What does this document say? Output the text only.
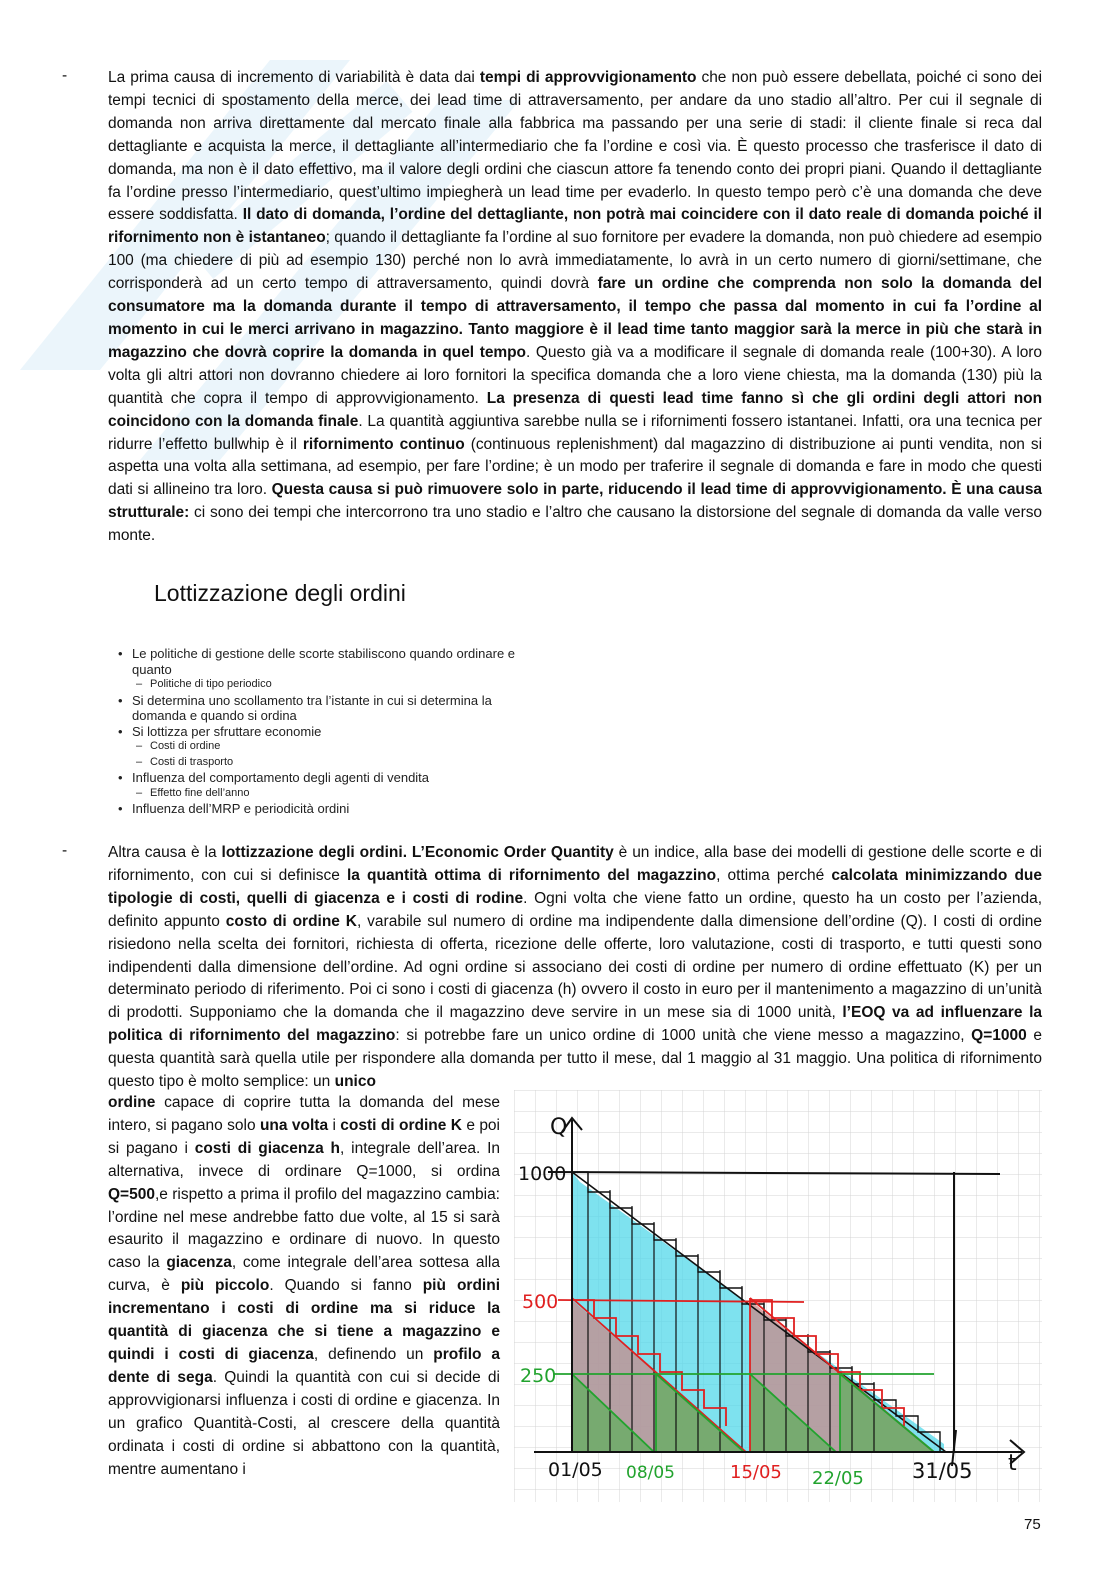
-	La prima causa di incremento di variabilità è data dai tempi di approvvigionamento che non può essere debellata, poiché ci sono dei tempi tecnici di spostamento della merce, dei lead time di attraversamento, per andare da uno stadio all’altro. Per cui il segnale di domanda non arriva direttamente dal mercato finale alla fabbrica ma passando per una serie di stadi: il cliente finale si reca dal dettagliante e acquista la merce, il dettagliante all’intermediario che fa l’ordine e così via. È questo processo che trasferisce il dato di domanda, ma non è il dato effettivo, ma il valore degli ordini che ciascun attore fa tenendo conto dei propri piani. Quando il dettagliante fa l’ordine presso l’intermediario, quest’ultimo impiegherà un lead time per evaderlo. In questo tempo però c’è una domanda che deve essere soddisfatta. Il dato di domanda, l’ordine del dettagliante, non potrà mai coincidere con il dato reale di domanda poiché il rifornimento non è istantaneo; quando il dettagliante fa l’ordine al suo fornitore per evadere la domanda, non può chiedere ad esempio 100 (ma chiedere di più ad esempio 130) perché non lo avrà immediatamente, lo avrà in un certo numero di giorni/settimane, che corrisponderà ad un certo tempo di attraversamento, quindi dovrà fare un ordine che comprenda non solo la domanda del consumatore ma la domanda durante il tempo di attraversamento, il tempo che passa dal momento in cui fa l’ordine al momento in cui le merci arrivano in magazzino. Tanto maggiore è il lead time tanto maggior sarà la merce in più che starà in magazzino che dovrà coprire la domanda in quel tempo. Questo già va a modificare il segnale di domanda reale (100+30). A loro volta gli altri attori non dovranno chiedere ai loro fornitori la specifica domanda che a loro viene chiesta, ma la domanda (130) più la quantità che copra il tempo di approvvigionamento. La presenza di questi lead time fanno sì che gli ordini degli attori non coincidono con la domanda finale. La quantità aggiuntiva sarebbe nulla se i rifornimenti fossero istantanei. Infatti, ora una tecnica per ridurre l’effetto bullwhip è il rifornimento continuo (continuous replenishment) dal magazzino di distribuzione ai punti vendita, non si aspetta una volta alla settimana, ad esempio, per fare l’ordine; è un modo per traferire il segnale di domanda e fare in modo che questi dati si allineino tra loro. Questa causa si può rimuovere solo in parte, riducendo il lead time di approvvigionamento. È una causa strutturale: ci sono dei tempi che intercorrono tra uno stadio e l’altro che causano la distorsione del segnale di domanda da valle verso monte.

Lottizzazione degli ordini
• Le politiche di gestione delle scorte stabiliscono quando ordinare e quanto
– Politiche di tipo periodico
• Si determina uno scollamento tra l’istante in cui si determina la domanda e quando si ordina
• Si lottizza per sfruttare economie
– Costi di ordine
– Costi di trasporto
• Influenza del comportamento degli agenti di vendita
– Effetto fine dell’anno
• Influenza dell’MRP e periodicità ordini
-	Altra causa è la lottizzazione degli ordini. L’Economic Order Quantity è un indice, alla base dei modelli di gestione delle scorte e di rifornimento, con cui si definisce la quantità ottima di rifornimento del magazzino, ottima perché calcolata minimizzando due tipologie di costi, quelli di giacenza e i costi di rodine. Ogni volta che viene fatto un ordine, questo ha un costo per l’azienda, definito appunto costo di ordine K, varabile sul numero di ordine ma indipendente dalla dimensione dell’ordine (Q). I costi di ordine risiedono nella scelta dei fornitori, richiesta di offerta, ricezione delle offerte, loro valutazione, costi di trasporto, e tutti questi sono indipendenti dalla dimensione dell’ordine. Ad ogni ordine si associano dei costi di ordine per numero di ordine effettuato (K) per un determinato periodo di riferimento. Poi ci sono i costi di giacenza (h) ovvero il costo in euro per il mantenimento a magazzino di un’unità di prodotti. Supponiamo che la domanda che il magazzino deve servire in un mese sia di 1000 unità, l’EOQ va ad influenzare la politica di rifornimento del magazzino: si potrebbe fare un unico ordine di 1000 unità che viene messo a magazzino, Q=1000 e questa quantità sarà quella utile per rispondere alla domanda per tutto il mese, dal 1 maggio al 31 maggio. Una politica di rifornimento questo tipo è molto semplice: un unico

ordine capace di coprire tutta la domanda del mese intero, si pagano solo una volta i costi di ordine K e poi si pagano i costi di giacenza h, integrale dell’area. In alternativa, invece di ordinare Q=1000, si ordina Q=500,e rispetto a prima il profilo del magazzino cambia: l’ordine nel mese andrebbe fatto due volte, al 15 si sarà esaurito il magazzino e ordinare di nuovo. In questo caso la giacenza, come integrale dell’area sottesa alla curva, è più piccolo. Quando si fanno più ordini incrementano i costi di ordine ma si riduce la quantità di giacenza che si tiene a magazzino e quindi i costi di giacenza, definendo un profilo a dente di sega. Quindi la quantità con cui si decide di approvvigionarsi influenza i costi di ordine e giacenza. In un grafico Quantità-Costi, al crescere della quantità ordinata i costi di ordine si abbattono con la quantità, mentre aumentano i

Q
t
1000
500
250
01/05 08/05	15/05 22/05 31/05
75
